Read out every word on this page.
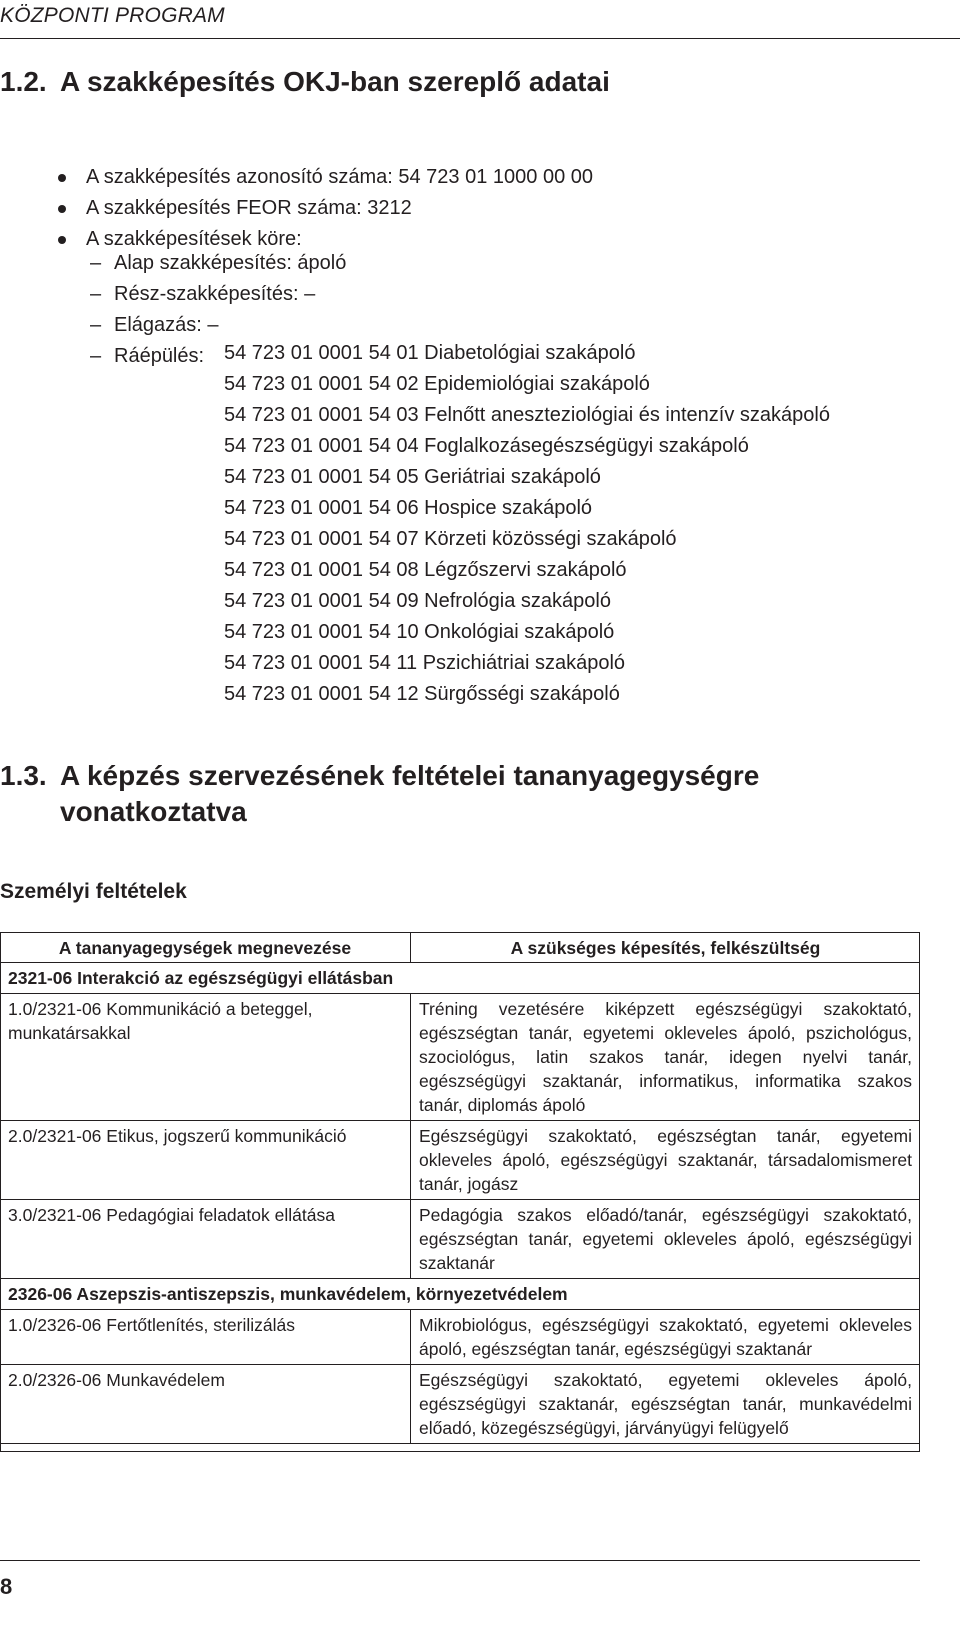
KÖZPONTI PROGRAM
1.2. A szakképesítés OKJ-ban szereplő adatai
A szakképesítés azonosító száma: 54 723 01 1000 00 00
A szakképesítés FEOR száma: 3212
A szakképesítések köre:
– Alap szakképesítés: ápoló
– Rész-szakképesítés: –
– Elágazás: –
– Ráépülés: 54 723 01 0001 54 01 Diabetológiai szakápoló
54 723 01 0001 54 02 Epidemiológiai szakápoló
54 723 01 0001 54 03 Felnőtt aneszteziológiai és intenzív szakápoló
54 723 01 0001 54 04 Foglalkozásegészségügyi szakápoló
54 723 01 0001 54 05 Geriátriai szakápoló
54 723 01 0001 54 06 Hospice szakápoló
54 723 01 0001 54 07 Körzeti közösségi szakápoló
54 723 01 0001 54 08 Légzőszervi szakápoló
54 723 01 0001 54 09 Nefrológia szakápoló
54 723 01 0001 54 10 Onkológiai szakápoló
54 723 01 0001 54 11 Pszichiátriai szakápoló
54 723 01 0001 54 12 Sürgősségi szakápoló
1.3. A képzés szervezésének feltételei tananyagegységre
vonatkoztatva
Személyi feltételek
A tananyagegységek megnevezése	A szükséges képesítés, felkészültség
2321-06 Interakció az egészségügyi ellátásban	
1.0/2321-06 Kommunikáció a beteggel, munkatársakkal	Tréning vezetésére kiképzett egészségügyi szakoktató, egészségtan tanár, egyetemi okleveles ápoló, pszichológus, szociológus, latin szakos tanár, idegen nyelvi tanár, egészségügyi szaktanár, informatikus, informatika szakos tanár, diplomás ápoló
2.0/2321-06 Etikus, jogszerű kommunikáció	Egészségügyi szakoktató, egészségtan tanár, egyetemi okleveles ápoló, egészségügyi szaktanár, társadalomismeret tanár, jogász
3.0/2321-06 Pedagógiai feladatok ellátása	Pedagógia szakos előadó/tanár, egészségügyi szakoktató, egészségtan tanár, egyetemi okleveles ápoló, egészségügyi szaktanár
2326-06 Aszepszis-antiszepszis, munkavédelem, környezetvédelem	
1.0/2326-06 Fertőtlenítés, sterilizálás	Mikrobiológus, egészségügyi szakoktató, egyetemi okleveles ápoló, egészségtan tanár, egészségügyi szaktanár
2.0/2326-06 Munkavédelem	Egészségügyi szakoktató, egyetemi okleveles ápoló, egészségügyi szaktanár, egészségtan tanár, munkavédelmi előadó, közegészségügyi, járványügyi felügyelő
8
